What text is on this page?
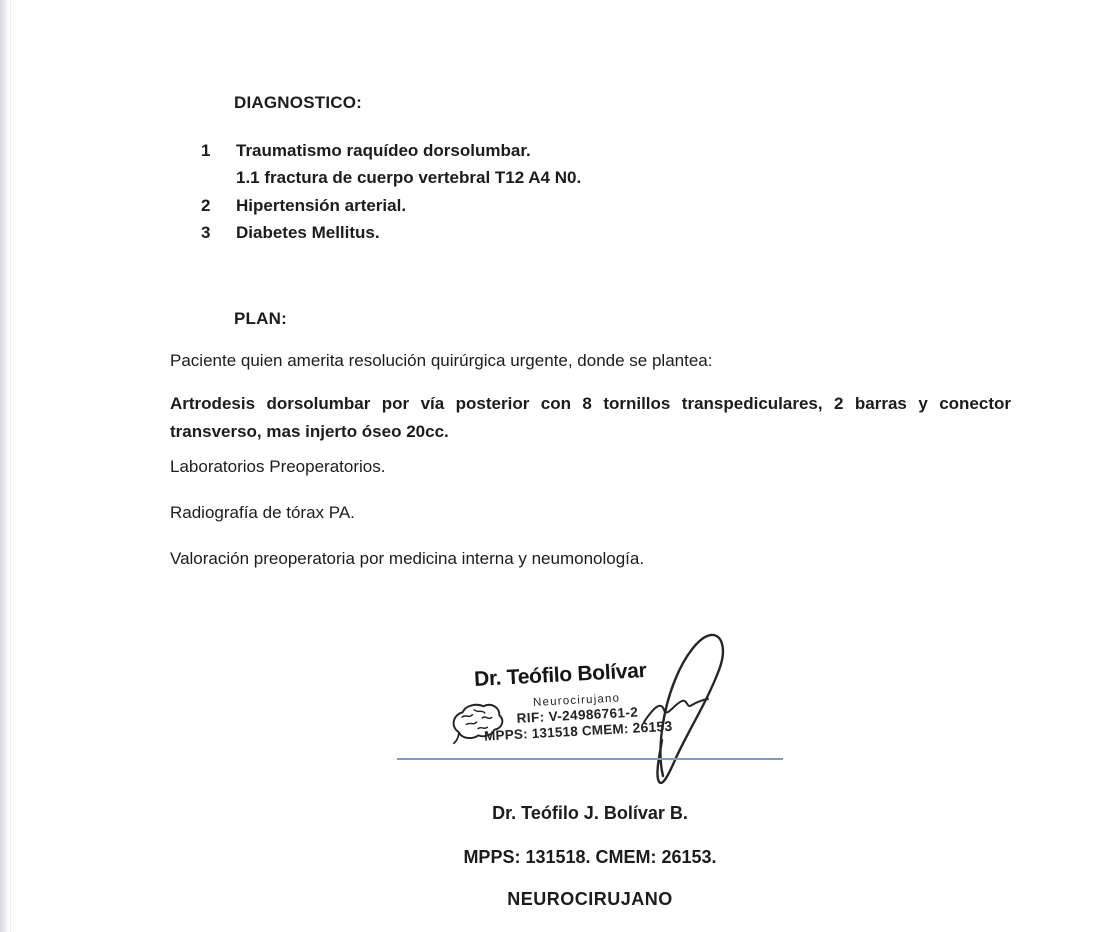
DIAGNOSTICO:
1	Traumatismo raquídeo dorsolumbar.
1.1 fractura de cuerpo vertebral T12 A4 N0.
2	Hipertensión arterial.
3	Diabetes Mellitus.
PLAN:
Paciente quien amerita resolución quirúrgica urgente, donde se plantea:
Artrodesis dorsolumbar por vía posterior con 8 tornillos transpediculares, 2 barras y conector
transverso, mas injerto óseo 20cc.
Laboratorios Preoperatorios.
Radiografía de tórax PA.
Valoración preoperatoria por medicina interna y neumonología.
Dr. Teófilo Bolívar
Neurocirujano
RIF: V-24986761-2
MPPS: 131518 CMEM: 26153
Dr. Teófilo J. Bolívar B.
MPPS: 131518. CMEM: 26153.
NEUROCIRUJANO
